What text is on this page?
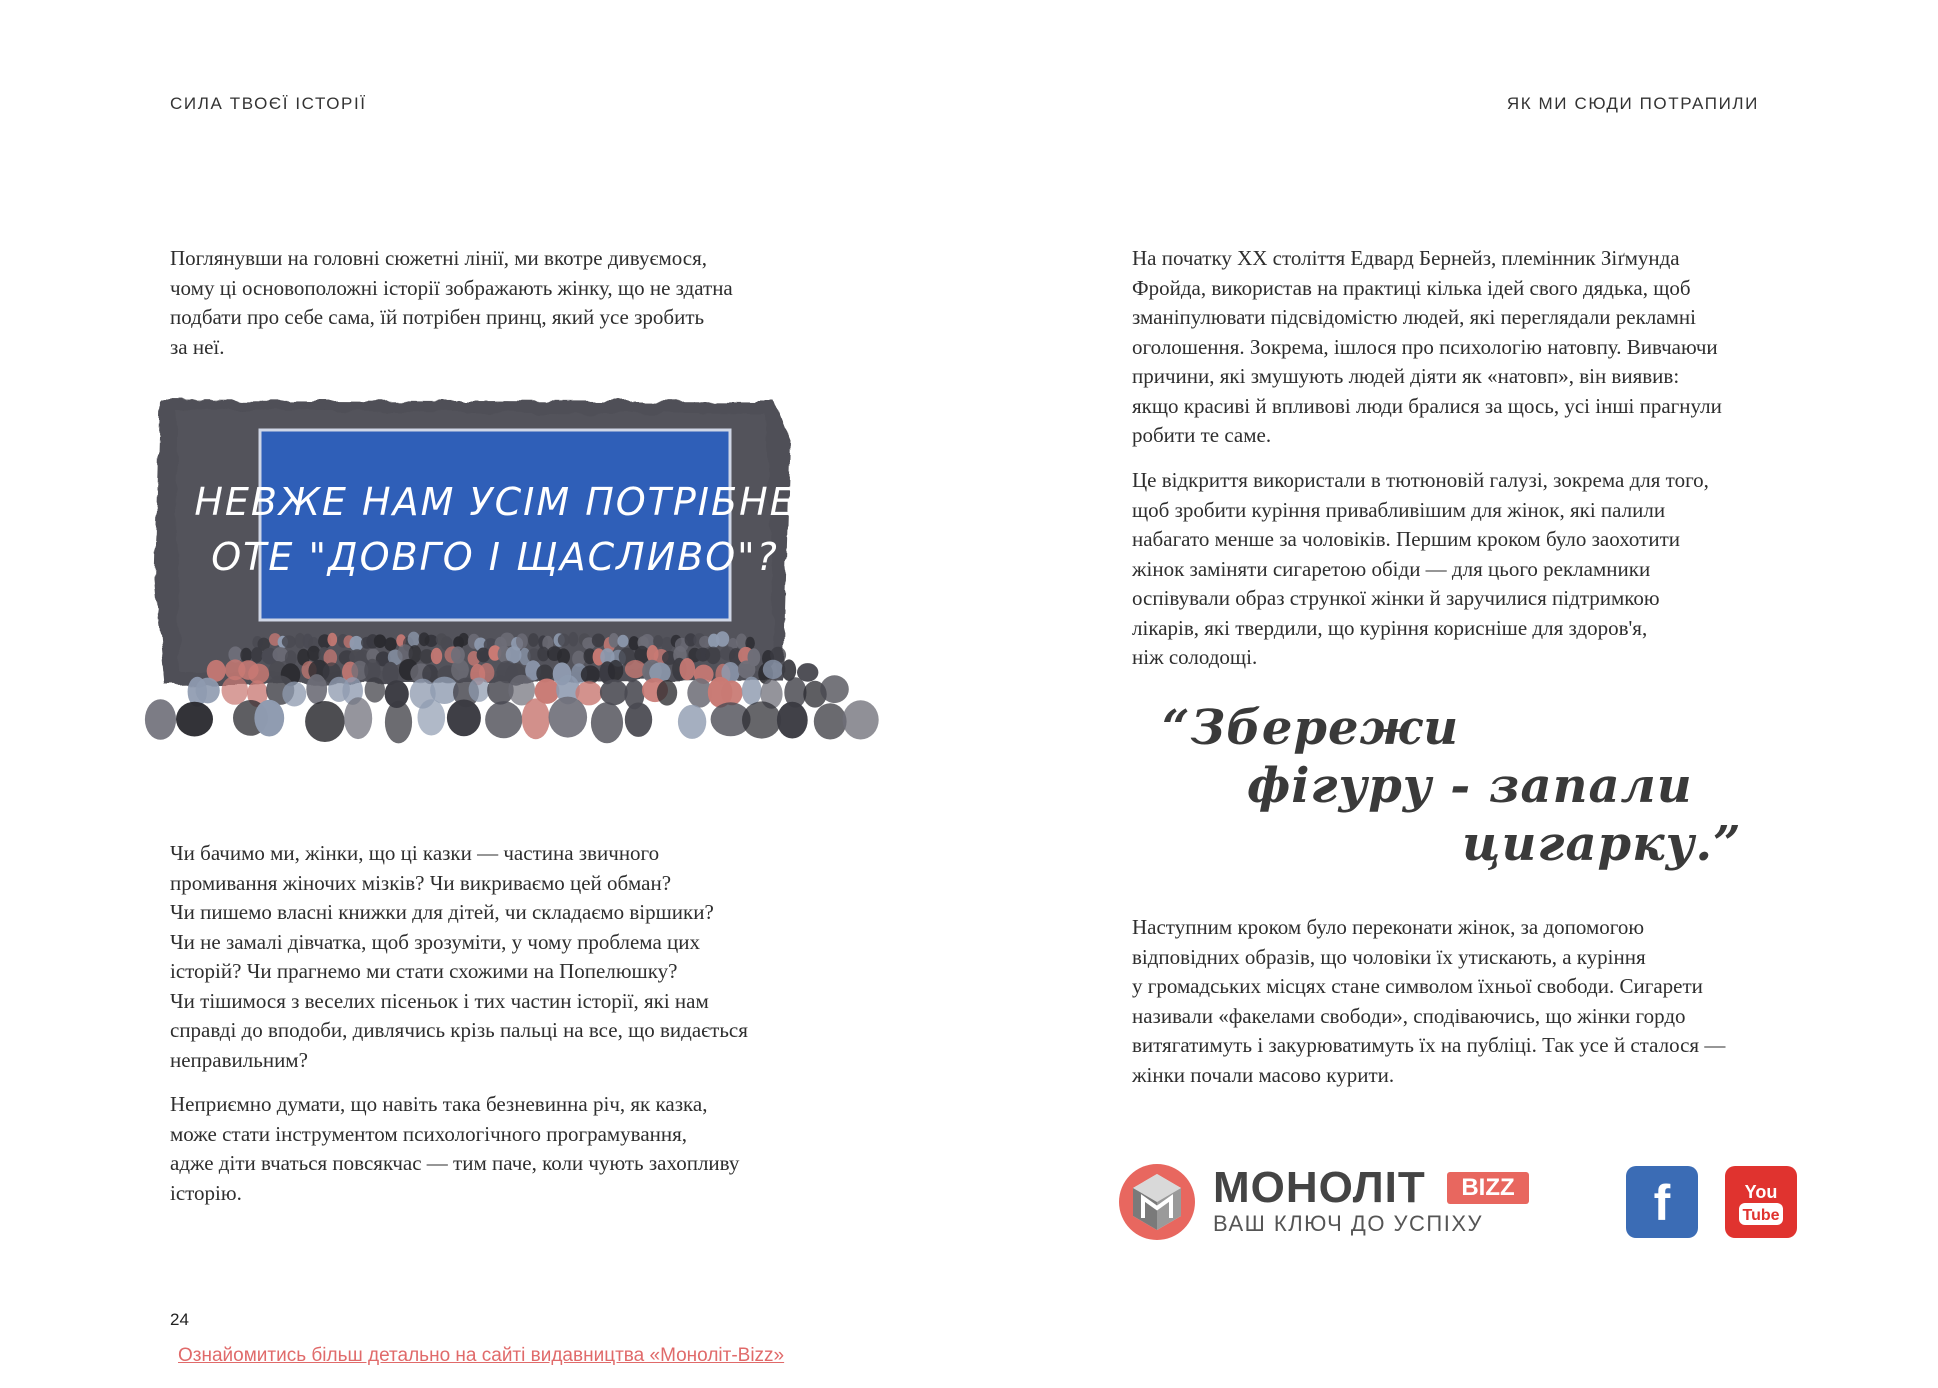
СИЛА ТВОЄЇ ІСТОРІЇ

Поглянувши на головні сюжетні лінії, ми вкотре дивуємося,
чому ці основоположні історії зображають жінку, що не здатна
подбати про себе сама, їй потрібен принц, який усе зробить
за неї.

НЕВЖЕ НАМ УСІМ ПОТРІБНЕ
ОТЕ "ДОВГО І ЩАСЛИВО"?

Чи бачимо ми, жінки, що ці казки — частина звичного
промивання жіночих мізків? Чи викриваємо цей обман?
Чи пишемо власні книжки для дітей, чи складаємо віршики?
Чи не замалі дівчатка, щоб зрозуміти, у чому проблема цих
історій? Чи прагнемо ми стати схожими на Попелюшку?
Чи тішимося з веселих пісеньок і тих частин історії, які нам
справді до вподоби, дивлячись крізь пальці на все, що видається
неправильним?

Неприємно думати, що навіть така безневинна річ, як казка,
може стати інструментом психологічного програмування,
адже діти вчаться повсякчас — тим паче, коли чують захопливу
історію.

24
Ознайомитись більш детально на сайті видавництва «Моноліт-Bizz»
ЯК МИ СЮДИ ПОТРАПИЛИ

На початку XX століття Едвард Бернейз, племінник Зіґмунда
Фройда, використав на практиці кілька ідей свого дядька, щоб
зманіпулювати підсвідомістю людей, які переглядали рекламні
оголошення. Зокрема, ішлося про психологію натовпу. Вивчаючи
причини, які змушують людей діяти як «натовп», він виявив:
якщо красиві й впливові люди бралися за щось, усі інші прагнули
робити те саме.

Це відкриття використали в тютюновій галузі, зокрема для того,
щоб зробити куріння привабливішим для жінок, які палили
набагато менше за чоловіків. Першим кроком було заохотити
жінок заміняти сигаретою обіди — для цього рекламники
оспівували образ стрункої жінки й заручилися підтримкою
лікарів, які твердили, що куріння корисніше для здоров'я,
ніж солодощі.

“Збережи
фігуру - запали
цигарку.”

Наступним кроком було переконати жінок, за допомогою
відповідних образів, що чоловіки їх утискають, а куріння
у громадських місцях стане символом їхньої свободи. Сигарети
називали «факелами свободи», сподіваючись, що жінки гордо
витягатимуть і закурюватимуть їх на публіці. Так усе й сталося —
жінки почали масово курити.

МОНОЛІТ	BIZZ
ВАШ КЛЮЧ ДО УСПІХУ	f	You
Tube
